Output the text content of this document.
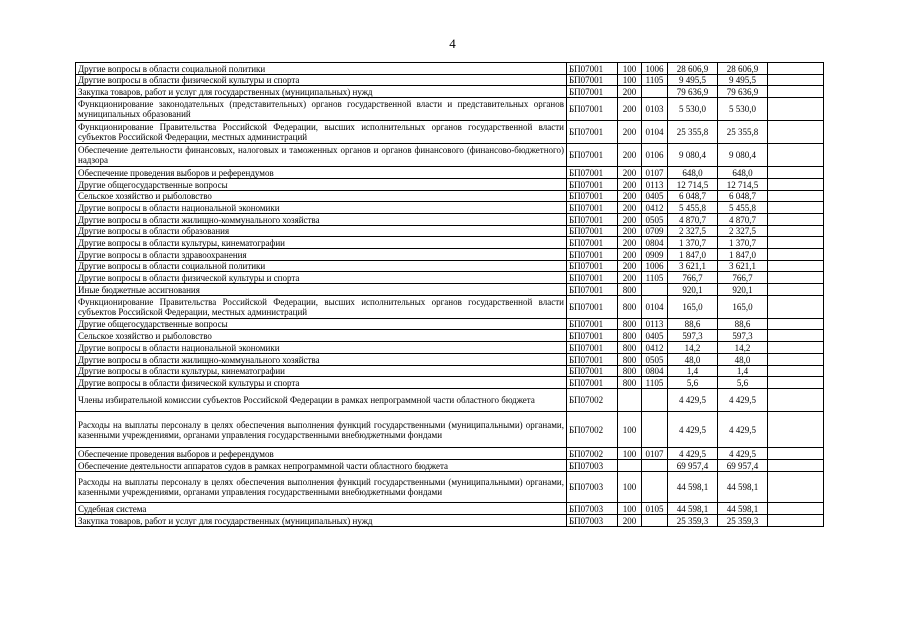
4
Другие вопросы в области социальной политики	БП07001	100	1006	28 606,9	28 606,9	
Другие вопросы в области физической культуры и спорта	БП07001	100	1105	9 495,5	9 495,5	
Закупка товаров, работ и услуг для государственных (муниципальных) нужд	БП07001	200		79 636,9	79 636,9	
Функционирование законодательных (представительных) органов государственной власти и представительных органов муниципальных образований	БП07001	200	0103	5 530,0	5 530,0	
Функционирование Правительства Российской Федерации, высших исполнительных органов государственной власти субъектов Российской Федерации, местных администраций	БП07001	200	0104	25 355,8	25 355,8	
Обеспечение деятельности финансовых, налоговых и таможенных органов и органов финансового (финансово-бюджетного) надзора	БП07001	200	0106	9 080,4	9 080,4	
Обеспечение проведения выборов и референдумов	БП07001	200	0107	648,0	648,0	
Другие общегосударственные вопросы	БП07001	200	0113	12 714,5	12 714,5	
Сельское хозяйство и рыболовство	БП07001	200	0405	6 048,7	6 048,7	
Другие вопросы в области национальной экономики	БП07001	200	0412	5 455,8	5 455,8	
Другие вопросы в области жилищно-коммунального хозяйства	БП07001	200	0505	4 870,7	4 870,7	
Другие вопросы в области образования	БП07001	200	0709	2 327,5	2 327,5	
Другие вопросы в области культуры, кинематографии	БП07001	200	0804	1 370,7	1 370,7	
Другие вопросы в области здравоохранения	БП07001	200	0909	1 847,0	1 847,0	
Другие вопросы в области социальной политики	БП07001	200	1006	3 621,1	3 621,1	
Другие вопросы в области физической культуры и спорта	БП07001	200	1105	766,7	766,7	
Иные бюджетные ассигнования	БП07001	800		920,1	920,1	
Функционирование Правительства Российской Федерации, высших исполнительных органов государственной власти субъектов Российской Федерации, местных администраций	БП07001	800	0104	165,0	165,0	
Другие общегосударственные вопросы	БП07001	800	0113	88,6	88,6	
Сельское хозяйство и рыболовство	БП07001	800	0405	597,3	597,3	
Другие вопросы в области национальной экономики	БП07001	800	0412	14,2	14,2	
Другие вопросы в области жилищно-коммунального хозяйства	БП07001	800	0505	48,0	48,0	
Другие вопросы в области культуры, кинематографии	БП07001	800	0804	1,4	1,4	
Другие вопросы в области физической культуры и спорта	БП07001	800	1105	5,6	5,6	
Члены избирательной комиссии субъектов Российской Федерации в рамках непрограммной части областного бюджета	БП07002			4 429,5	4 429,5	
Расходы на выплаты персоналу в целях обеспечения выполнения функций государственными (муниципальными) органами, казенными учреждениями, органами управления государственными внебюджетными фондами	БП07002	100		4 429,5	4 429,5	
Обеспечение проведения выборов и референдумов	БП07002	100	0107	4 429,5	4 429,5	
Обеспечение деятельности аппаратов судов в рамках непрограммной части областного бюджета	БП07003			69 957,4	69 957,4	
Расходы на выплаты персоналу в целях обеспечения выполнения функций государственными (муниципальными) органами, казенными учреждениями, органами управления государственными внебюджетными фондами	БП07003	100		44 598,1	44 598,1	
Судебная система	БП07003	100	0105	44 598,1	44 598,1	
Закупка товаров, работ и услуг для государственных (муниципальных) нужд	БП07003	200		25 359,3	25 359,3	
